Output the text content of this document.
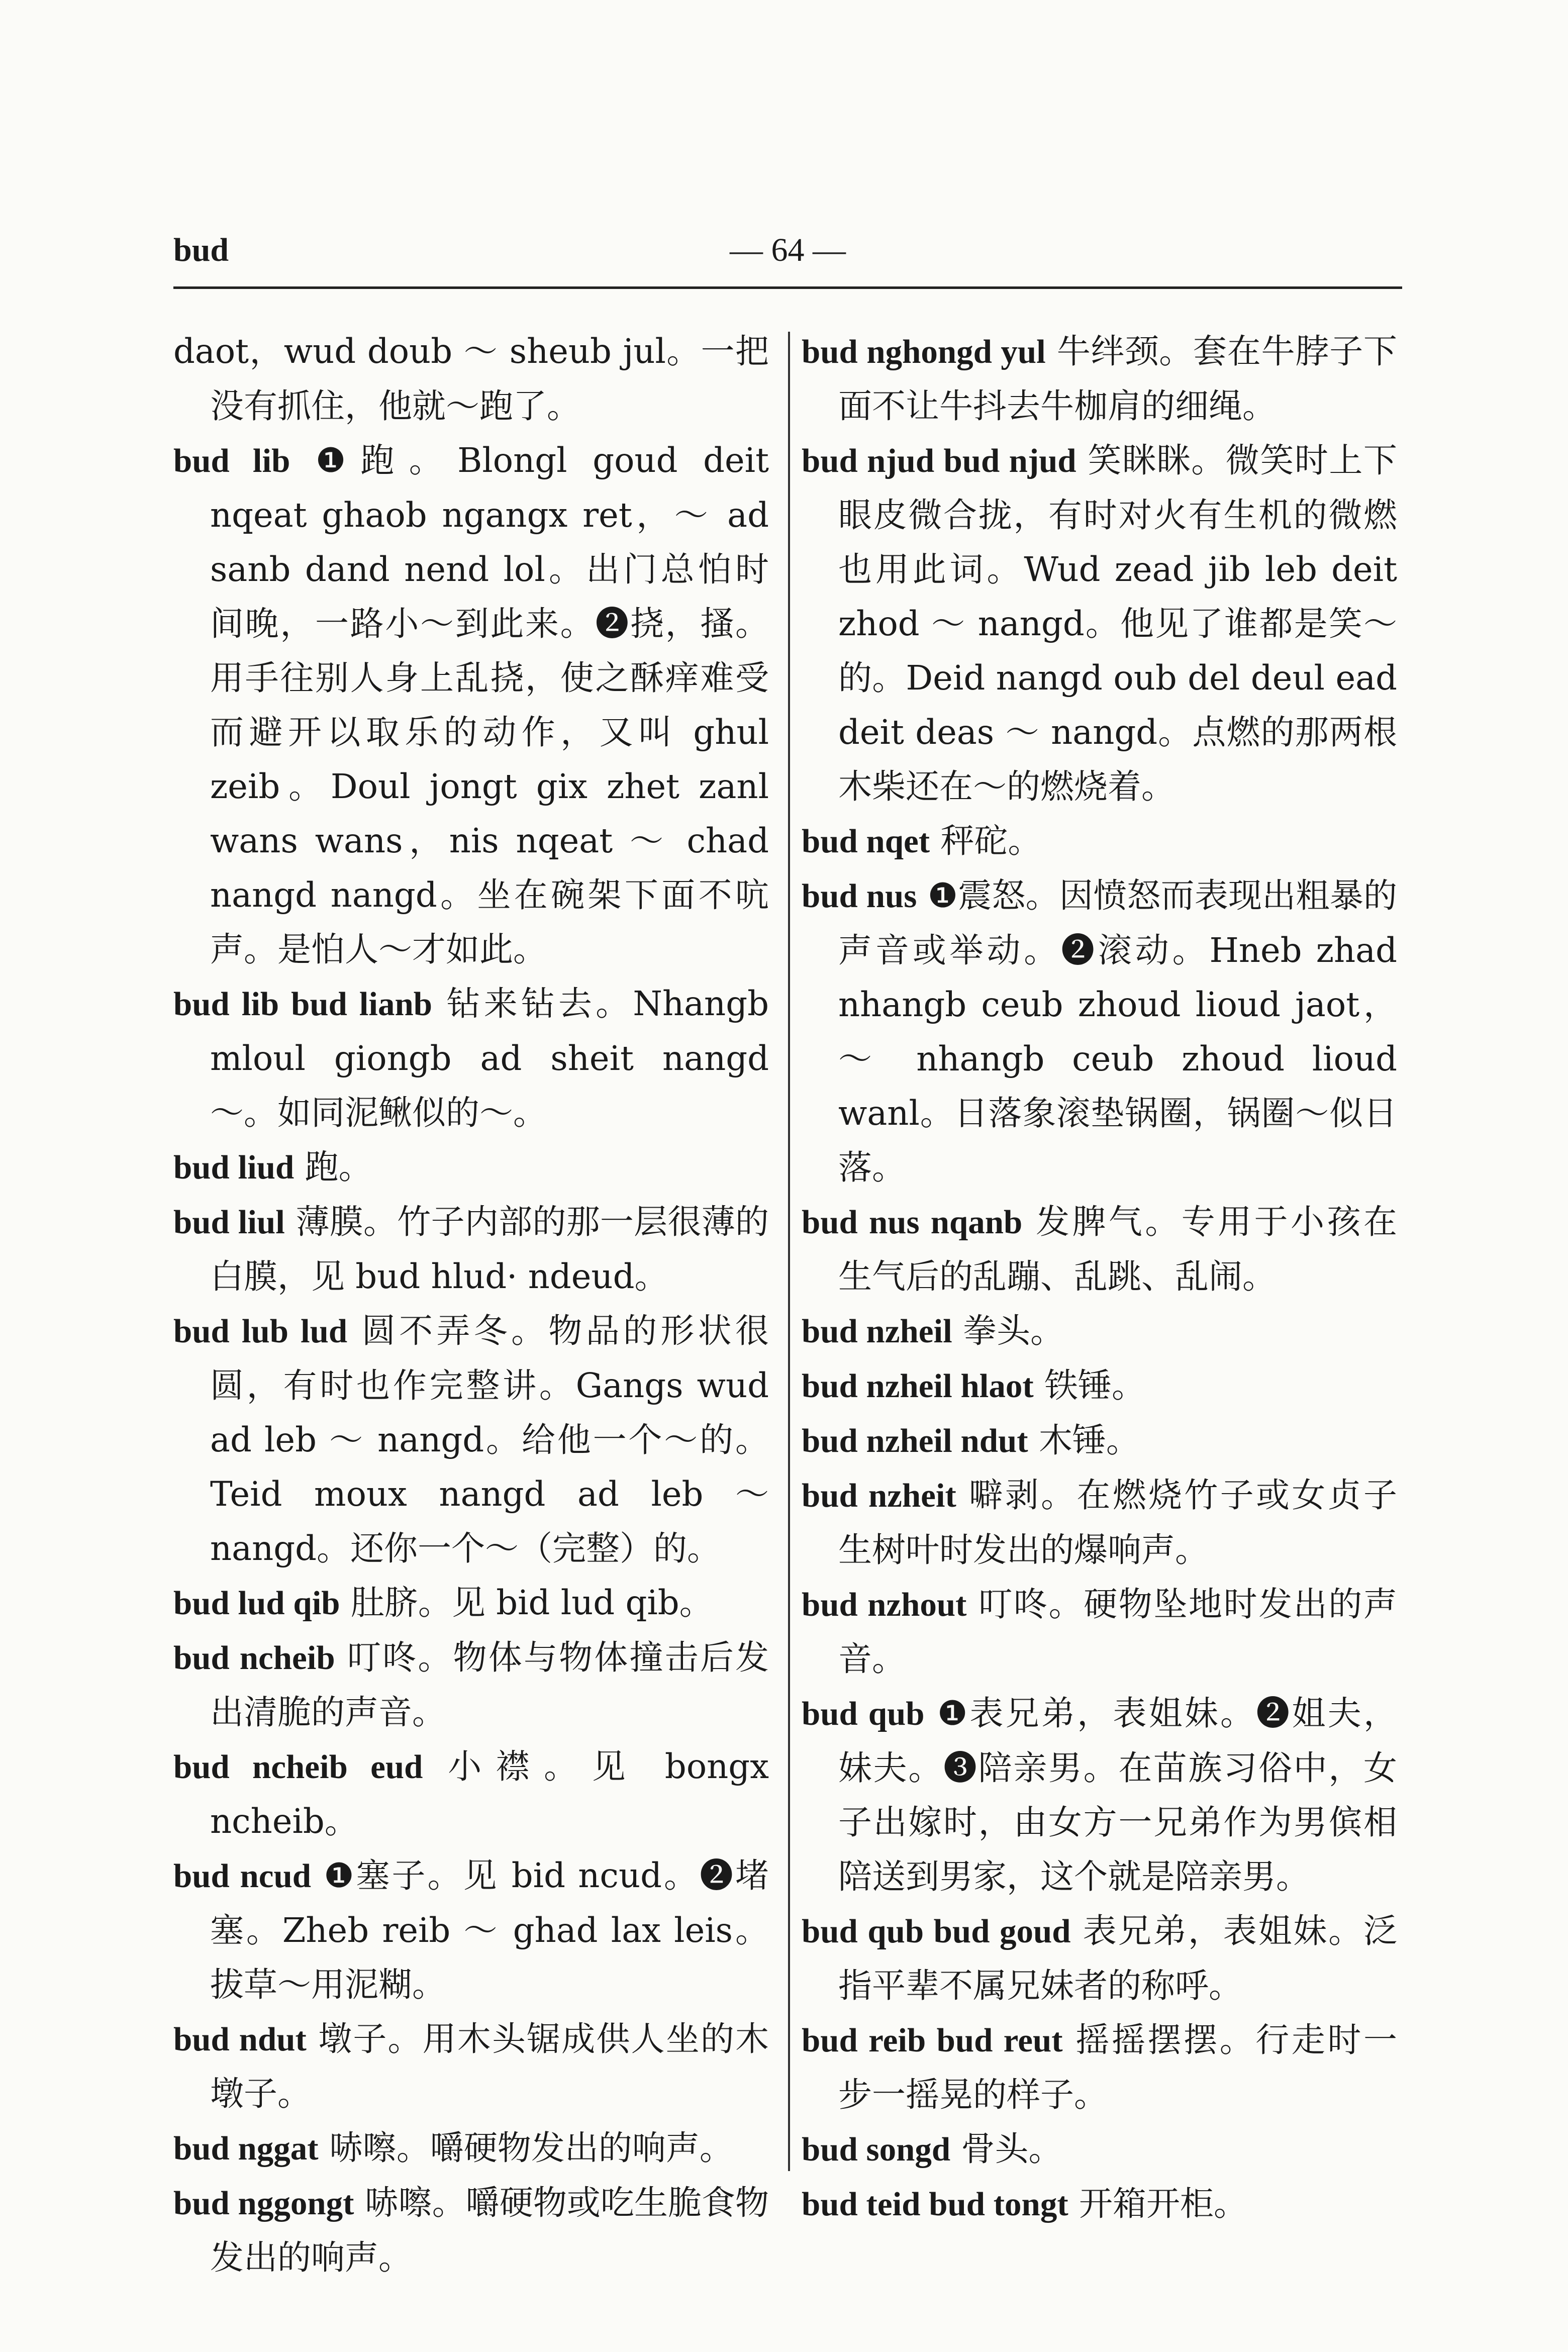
bud	— 64 —

daot，wud doub ～ sheub jul。一把没有抓住，他就～跑了。

bud lib ❶跑。Blongl goud deit nqeat ghaob ngangx ret，～ ad sanb dand nend lol。出门总怕时间晚，一路小～到此来。❷挠，搔。用手往别人身上乱挠，使之酥痒难受而避开以取乐的动作，又叫 ghul zeib。Doul jongt gix zhet zanl wans wans，nis nqeat ～ chad nangd nangd。坐在碗架下面不吭声。是怕人～才如此。

bud lib bud lianb 钻来钻去。Nhangb mloul giongb ad sheit nangd ～。如同泥鳅似的～。

bud liud 跑。

bud liul 薄膜。竹子内部的那一层很薄的白膜，见 bud hlud· ndeud。

bud lub lud 圆不弄冬。物品的形状很圆，有时也作完整讲。Gangs wud ad leb ～ nangd。给他一个～的。Teid moux nangd ad leb ～ nangd。还你一个～（完整）的。

bud lud qib 肚脐。见 bid lud qib。

bud ncheib 叮咚。物体与物体撞击后发出清脆的声音。

bud ncheib eud 小襟。见 bongx ncheib。

bud ncud ❶塞子。见 bid ncud。❷堵塞。Zheb reib ～ ghad lax leis。拔草～用泥糊。

bud ndut 墩子。用木头锯成供人坐的木墩子。

bud nggat 哧嚓。嚼硬物发出的响声。

bud nggongt 哧嚓。嚼硬物或吃生脆食物发出的响声。

bud nghongd yul 牛绊颈。套在牛脖子下面不让牛抖去牛枷肩的细绳。

bud njud bud njud 笑眯眯。微笑时上下眼皮微合拢，有时对火有生机的微燃也用此词。Wud zead jib leb deit zhod ～ nangd。他见了谁都是笑～的。Deid nangd oub del deul ead deit deas ～ nangd。点燃的那两根木柴还在～的燃烧着。

bud nqet 秤砣。

bud nus ❶震怒。因愤怒而表现出粗暴的声音或举动。❷滚动。Hneb zhad nhangb ceub zhoud lioud jaot，～ nhangb ceub zhoud lioud wanl。日落象滚垫锅圈，锅圈～似日落。

bud nus nqanb 发脾气。专用于小孩在生气后的乱蹦、乱跳、乱闹。

bud nzheil 拳头。

bud nzheil hlaot 铁锤。

bud nzheil ndut 木锤。

bud nzheit 噼剥。在燃烧竹子或女贞子生树叶时发出的爆响声。

bud nzhout 叮咚。硬物坠地时发出的声音。

bud qub ❶表兄弟，表姐妹。❷姐夫，妹夫。❸陪亲男。在苗族习俗中，女子出嫁时，由女方一兄弟作为男傧相陪送到男家，这个就是陪亲男。

bud qub bud goud 表兄弟，表姐妹。泛指平辈不属兄妹者的称呼。

bud reib bud reut 摇摇摆摆。行走时一步一摇晃的样子。

bud songd 骨头。

bud teid bud tongt 开箱开柜。
